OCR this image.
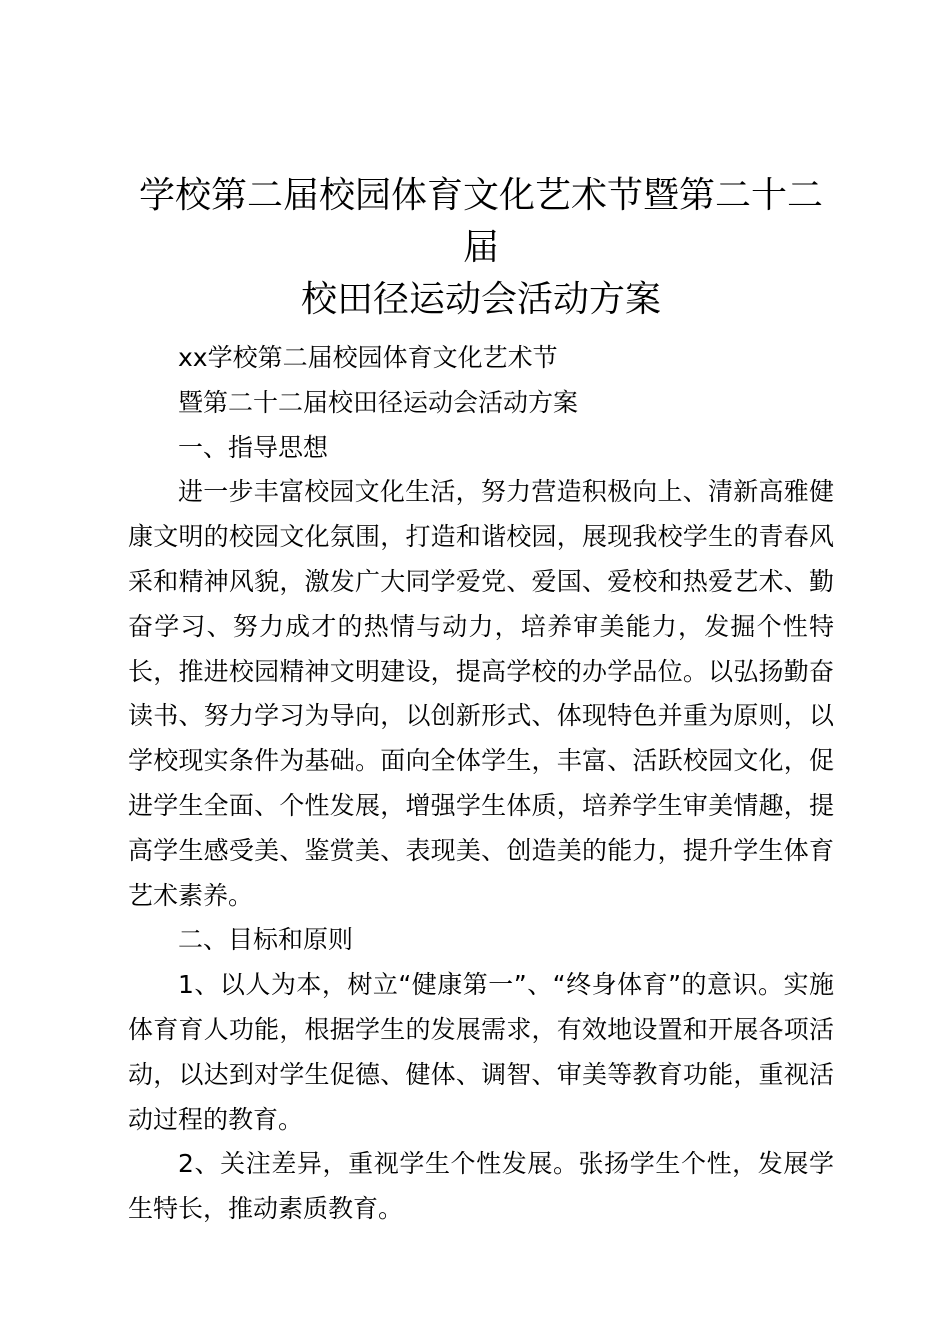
学校第二届校园体育文化艺术节暨第二十二届
校田径运动会活动方案

xx学校第二届校园体育文化艺术节

暨第二十二届校田径运动会活动方案

一、指导思想

进一步丰富校园文化生活，努力营造积极向上、清新高雅健康文明的校园文化氛围，打造和谐校园，展现我校学生的青春风采和精神风貌，激发广大同学爱党、爱国、爱校和热爱艺术、勤奋学习、努力成才的热情与动力，培养审美能力，发掘个性特长，推进校园精神文明建设，提高学校的办学品位。以弘扬勤奋读书、努力学习为导向，以创新形式、体现特色并重为原则，以学校现实条件为基础。面向全体学生，丰富、活跃校园文化，促进学生全面、个性发展，增强学生体质，培养学生审美情趣，提高学生感受美、鉴赏美、表现美、创造美的能力，提升学生体育艺术素养。

二、目标和原则

1、以人为本，树立“健康第一”、“终身体育”的意识。实施体育育人功能，根据学生的发展需求，有效地设置和开展各项活动，以达到对学生促德、健体、调智、审美等教育功能，重视活动过程的教育。

2、关注差异，重视学生个性发展。张扬学生个性，发展学生特长，推动素质教育。
